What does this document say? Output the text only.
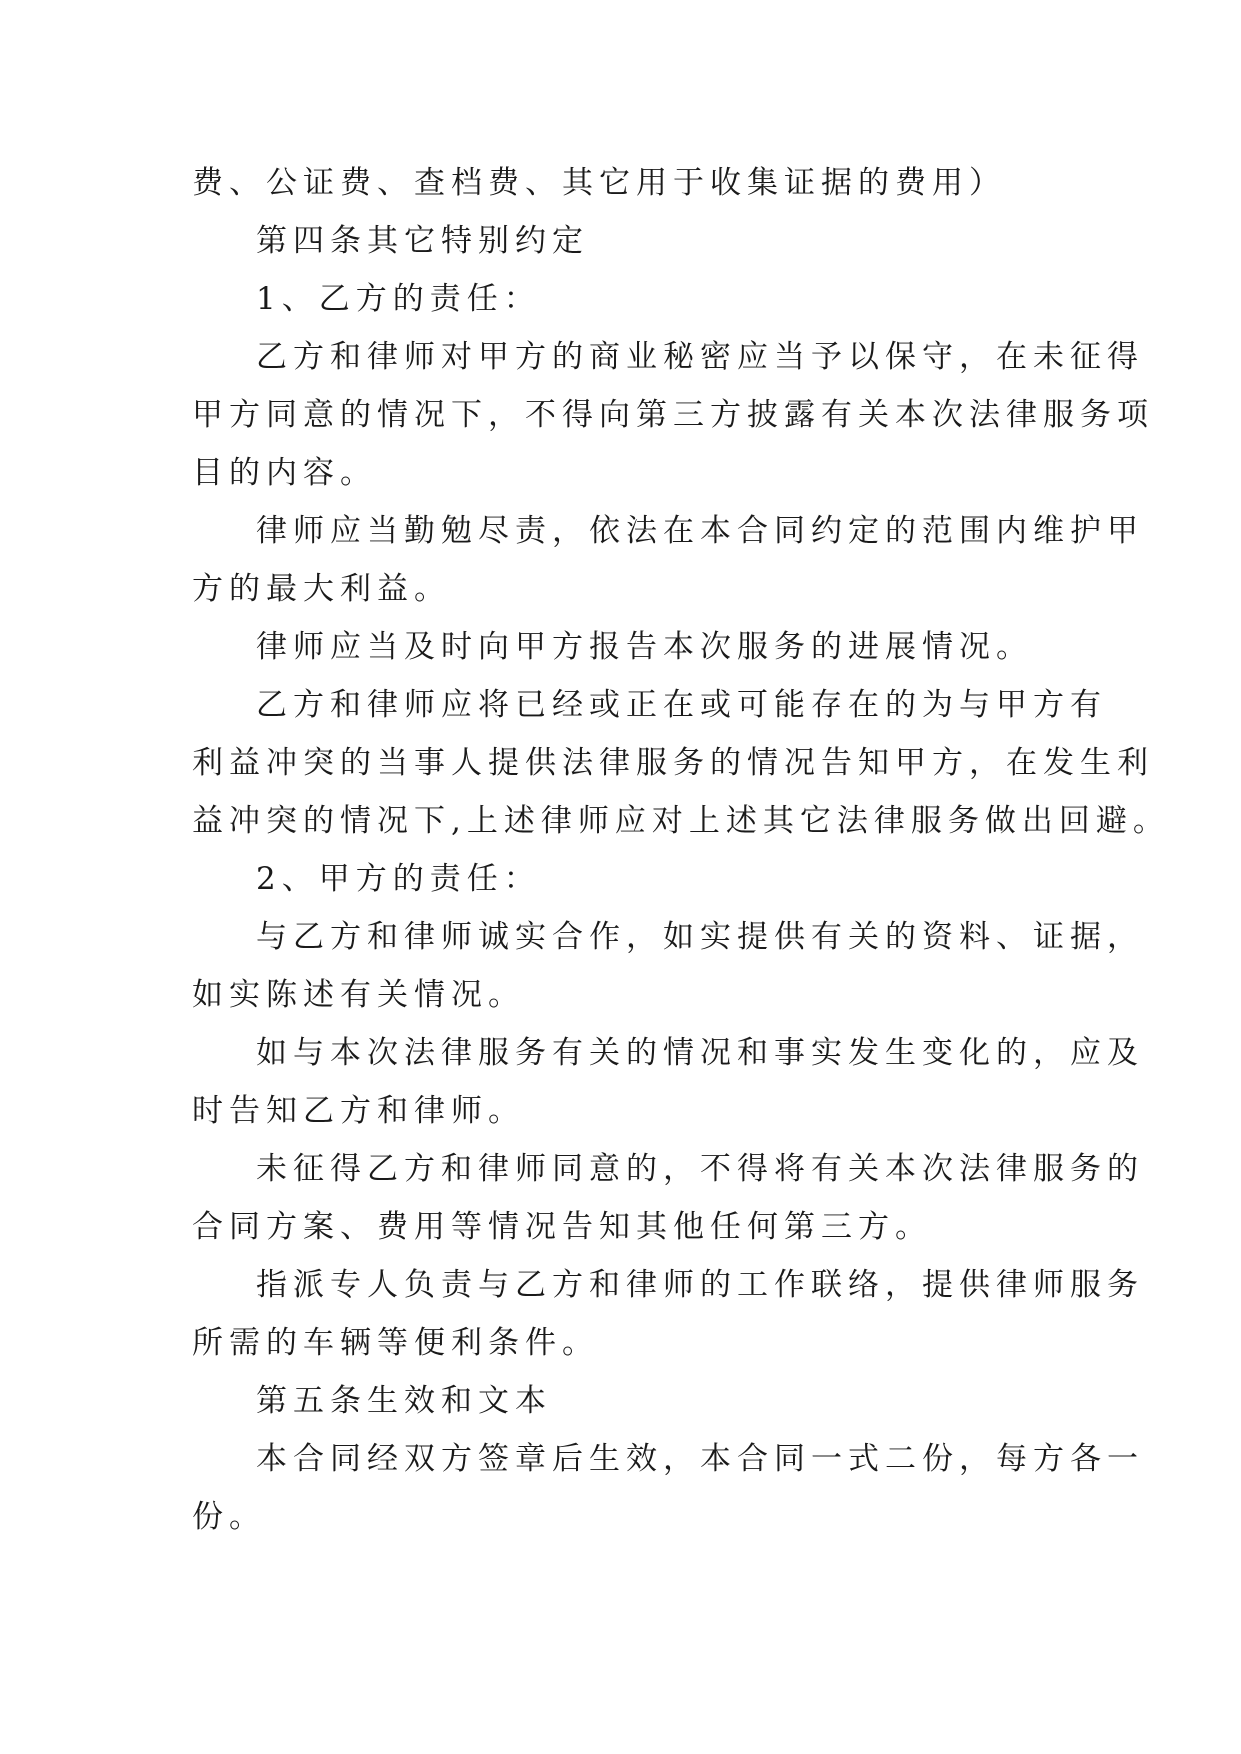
费、公证费、查档费、其它用于收集证据的费用）
第四条其它特别约定
1、乙方的责任：
乙方和律师对甲方的商业秘密应当予以保守，在未征得
甲方同意的情况下，不得向第三方披露有关本次法律服务项
目的内容。
律师应当勤勉尽责，依法在本合同约定的范围内维护甲
方的最大利益。
律师应当及时向甲方报告本次服务的进展情况。
乙方和律师应将已经或正在或可能存在的为与甲方有
利益冲突的当事人提供法律服务的情况告知甲方，在发生利
益冲突的情况下,上述律师应对上述其它法律服务做出回避。
2、甲方的责任：
与乙方和律师诚实合作，如实提供有关的资料、证据，
如实陈述有关情况。
如与本次法律服务有关的情况和事实发生变化的，应及
时告知乙方和律师。
未征得乙方和律师同意的，不得将有关本次法律服务的
合同方案、费用等情况告知其他任何第三方。
指派专人负责与乙方和律师的工作联络，提供律师服务
所需的车辆等便利条件。
第五条生效和文本
本合同经双方签章后生效，本合同一式二份，每方各一
份。
